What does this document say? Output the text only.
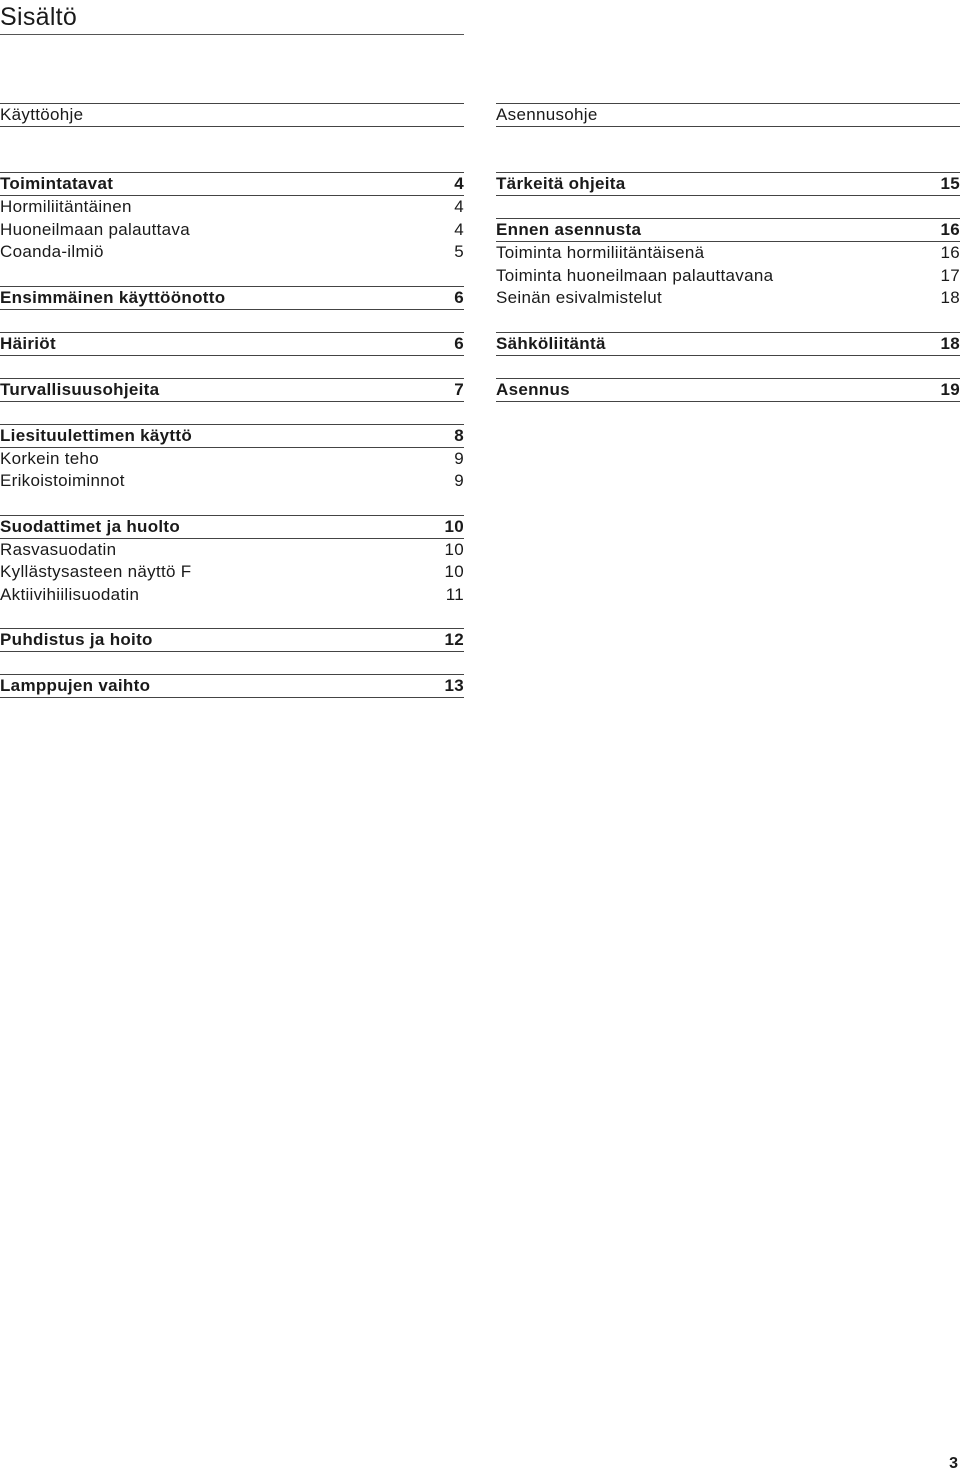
Sisältö
Käyttöohje
Toimintatavat	4
Hormiliitäntäinen	4
Huoneilmaan palauttava	4
Coanda-ilmiö	5
Ensimmäinen käyttöönotto	6
Häiriöt	6
Turvallisuusohjeita	7
Liesituulettimen käyttö	8
Korkein teho	9
Erikoistoiminnot	9
Suodattimet ja huolto	10
Rasvasuodatin	10
Kyllästysasteen näyttö F	10
Aktiivihiilisuodatin	11
Puhdistus ja hoito	12
Lamppujen vaihto	13
Asennusohje
Tärkeitä ohjeita	15
Ennen asennusta	16
Toiminta hormiliitäntäisenä	16
Toiminta huoneilmaan palauttavana	17
Seinän esivalmistelut	18
Sähköliitäntä	18
Asennus	19
3
